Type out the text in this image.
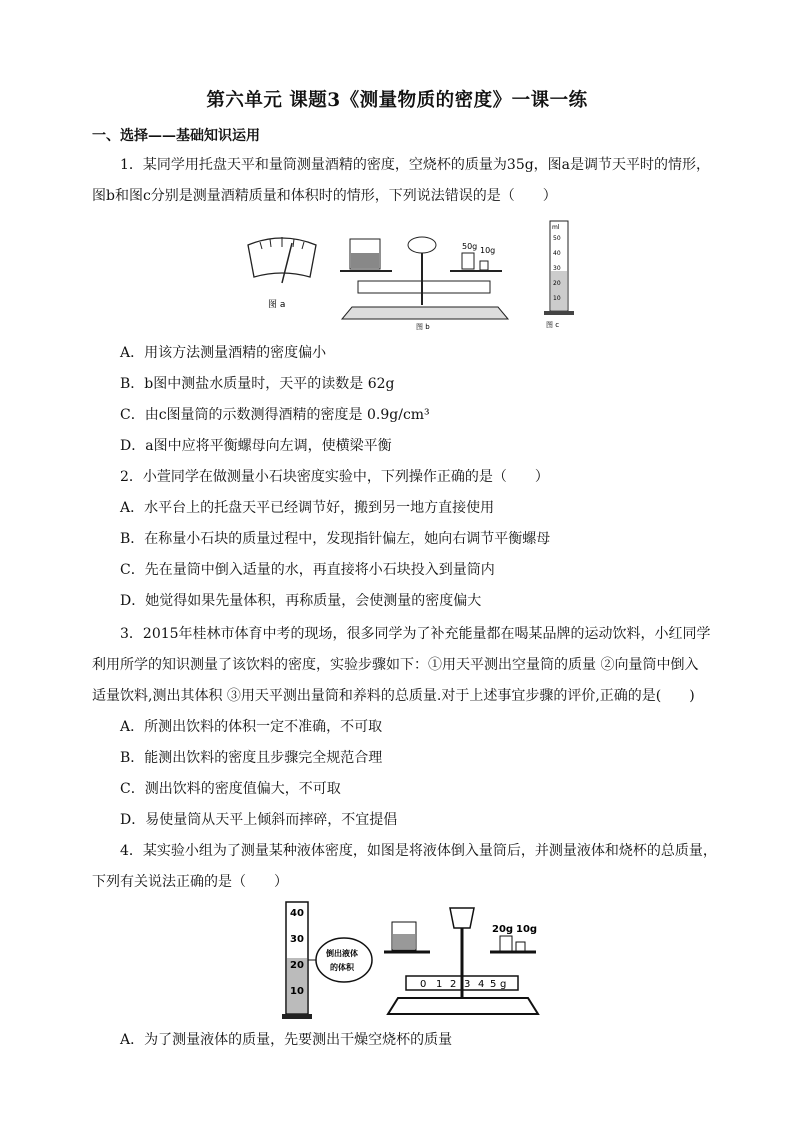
第六单元 课题3《测量物质的密度》一课一练
一、选择——基础知识运用
1．某同学用托盘天平和量筒测量酒精的密度，空烧杯的质量为35g，图a是调节天平时的情形，
图b和图c分别是测量酒精质量和体积时的情形，下列说法错误的是（　　）
图 a
50g 10g
图 b
ml
50
40
30
20
10
图 c
A．用该方法测量酒精的密度偏小
B．b图中测盐水质量时，天平的读数是 62g
C．由c图量筒的示数测得酒精的密度是 0.9g/cm³
D．a图中应将平衡螺母向左调，使横梁平衡
2．小萱同学在做测量小石块密度实验中，下列操作正确的是（　　）
A．水平台上的托盘天平已经调节好，搬到另一地方直接使用
B．在称量小石块的质量过程中，发现指针偏左，她向右调节平衡螺母
C．先在量筒中倒入适量的水，再直接将小石块投入到量筒内
D．她觉得如果先量体积，再称质量，会使测量的密度偏大
3．2015年桂林市体育中考的现场，很多同学为了补充能量都在喝某品牌的运动饮料，小红同学
利用所学的知识测量了该饮料的密度，实验步骤如下：①用天平测出空量筒的质量 ②向量筒中倒入
适量饮料,测出其体积 ③用天平测出量筒和养料的总质量.对于上述事宜步骤的评价,正确的是(　　)
A．所测出饮料的体积一定不准确，不可取
B．能测出饮料的密度且步骤完全规范合理
C．测出饮料的密度值偏大，不可取
D．易使量筒从天平上倾斜而摔碎，不宜提倡
4．某实验小组为了测量某种液体密度，如图是将液体倒入量筒后，并测量液体和烧杯的总质量，
下列有关说法正确的是（　　）
40
30
20
10
倒出液体
的体积
20g 10g
0 1 2 3 4 5 g
A．为了测量液体的质量，先要测出干燥空烧杯的质量
